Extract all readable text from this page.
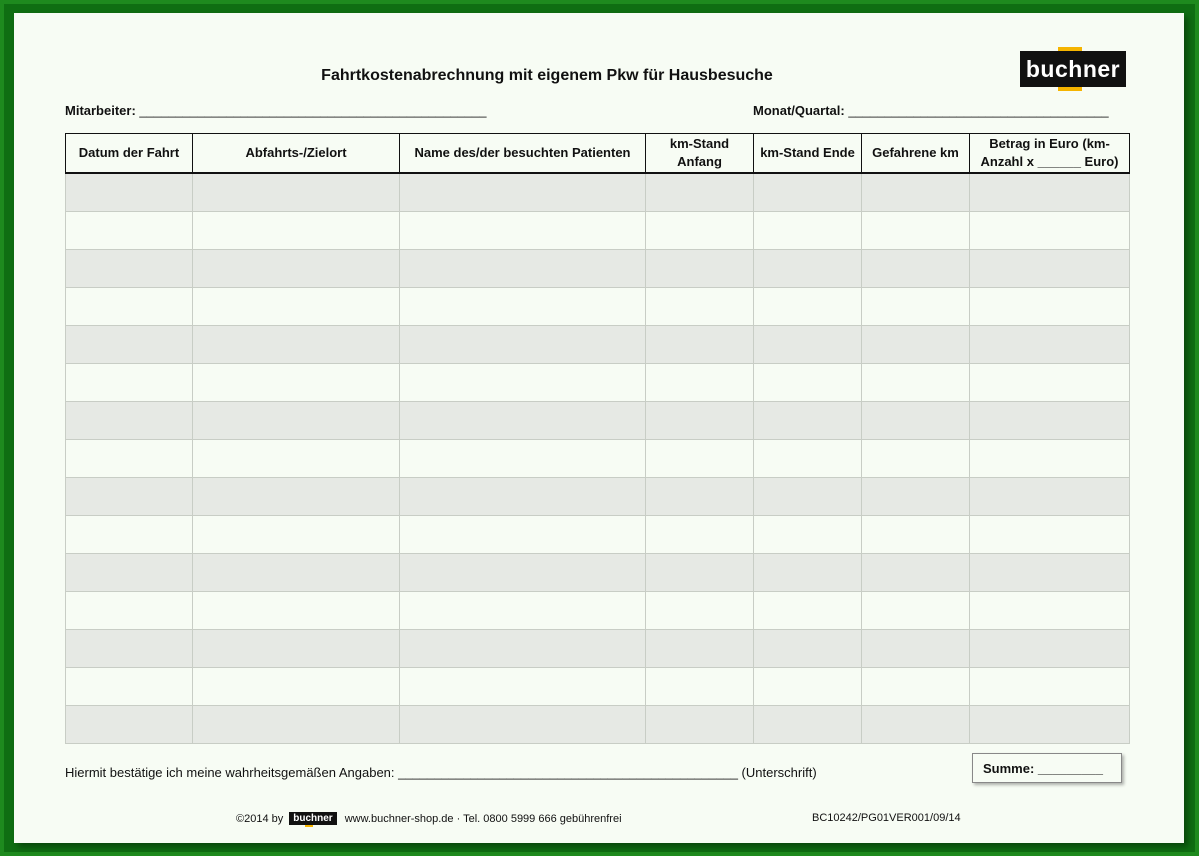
Fahrtkostenabrechnung mit eigenem Pkw für Hausbesuche	buchner
Mitarbeiter: ________________________________________________	Monat/Quartal: ____________________________________
Datum der Fahrt	Abfahrts-/Zielort	Name des/der besuchten Patienten	km-Stand Anfang	km-Stand Ende	Gefahrene km	Betrag in Euro (km-Anzahl x ______ Euro)

Hiermit bestätige ich meine wahrheitsgemäßen Angaben: _______________________________________________ (Unterschrift)	Summe: _________
©2014 by	buchner	www.buchner-shop.de · Tel. 0800 5999 666 gebührenfrei	BC10242/PG01VER001/09/14
